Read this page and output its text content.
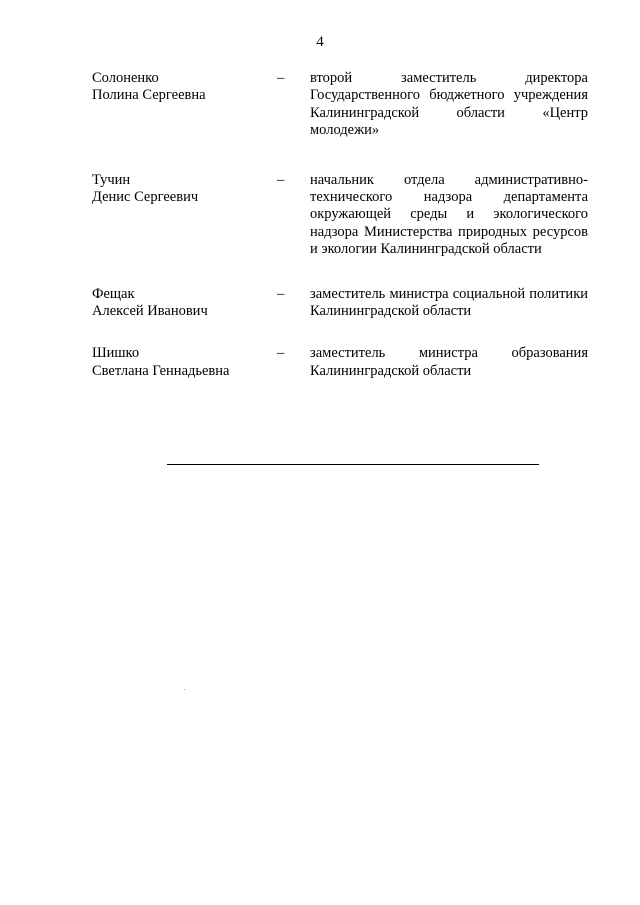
4
Солоненко
Полина Сергеевна
–	второй заместитель директора Государственного бюджетного учреждения Калининградской области «Центр молодежи»
Тучин
Денис Сергеевич
–	начальник отдела административно-технического надзора департамента окружающей среды и экологического надзора Министерства природных ресурсов и экологии Калининградской области
Фещак
Алексей Иванович
–	заместитель министра социальной политики Калининградской области
Шишко
Светлана Геннадьевна
–	заместитель министра образования Калининградской области
